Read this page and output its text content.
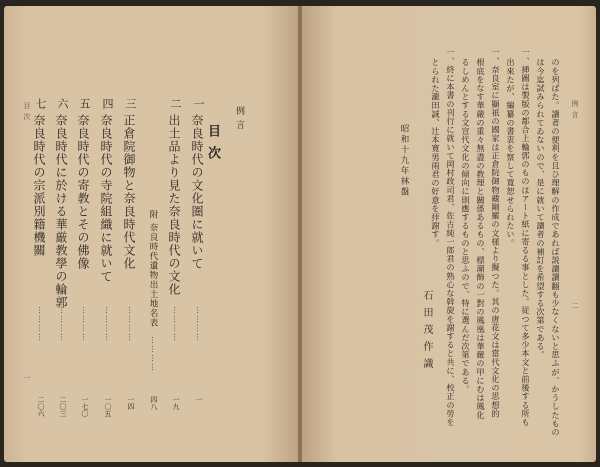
目次
一
例言
目次
一
奈良時代の文化圏に就いて
…………
一
二
出土品より見た奈良時代の文化
…………
一九
附 奈良時代遺物出土地名表
…………
四八
三
正倉院御物と奈良時代文化
…………
一四
四
奈良時代の寺院組織に就いて
…………
一〇五
五
奈良時代の寄教とその佛像
…………
一七〇
六
奈良時代に於ける華厳教學の輪郭
…………
二〇三
七
奈良時代の宗派別籍機關
…………
二〇六
例言
二
のを列ばた。讀者の便利を且ひ理解の作成であれば説讀讀翻も少なくないと思ふが、かうしたもの
は今迄試みられてゐないので、是に就いて讀者の補訂を希望する次第である。
一、挿圖は製版の都合上輪郭のものはアート紙に寄るる事とした。従つて多少本文と前後する所も
出來たが、編纂の書衷を察して寛恕せられたい。
一、奈良室に顯祇の國家は正倉院御物藏剛羅の文様より擬つた。其の唐花文は當代文化の思想的
根底をなす華嚴の重々無盡の教理と關係あるもの、標潮飾の一對の鳳凰は華嚴の甲にむは鳳化
るしめんとする文宣代文化の傾向に則應するものと思ふので、特に選んだ次第である。
一、終に本書の刊行に就いて岡村政司君、佐古純一郎君の熟心な斡旋を謝すると共に、校正の勞を
とられた瀧田誠、辻本寛男兩君の好意を拝謝す。
昭和十九年林盤
石田茂作識
